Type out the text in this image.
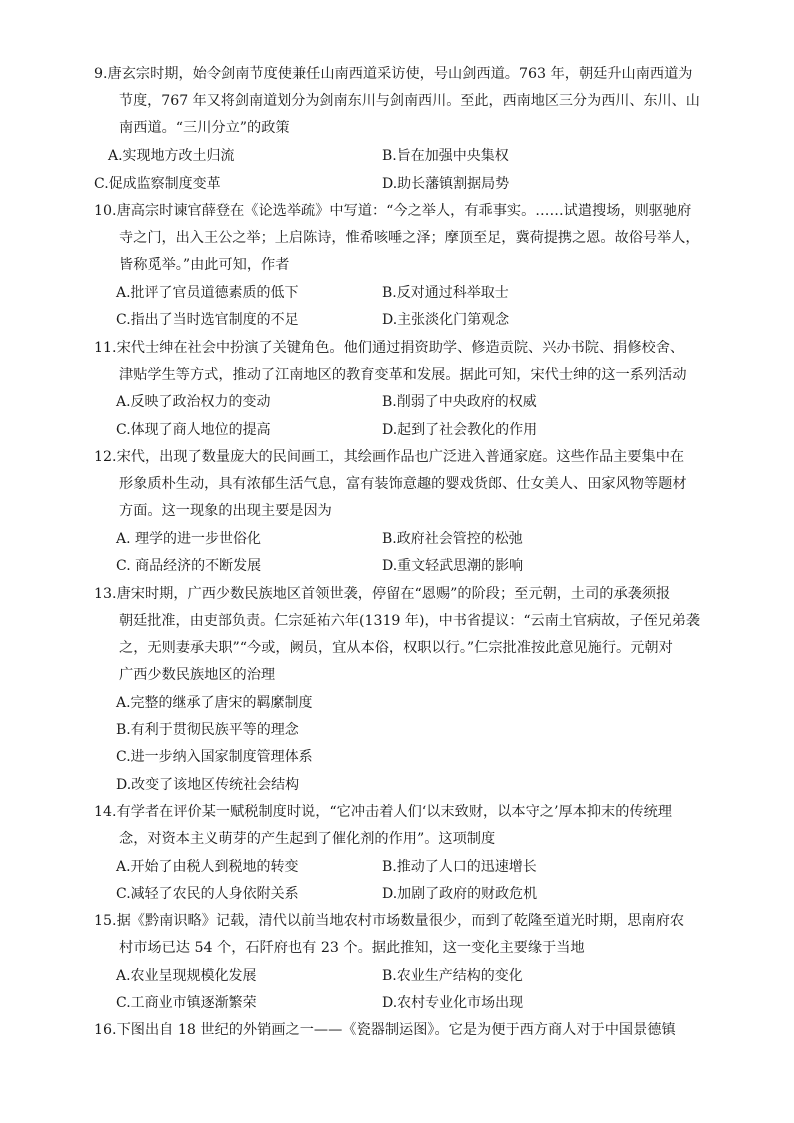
9.唐玄宗时期，始令剑南节度使兼任山南西道采访使，号山剑西道。763 年，朝廷升山南西道为
节度，767 年又将剑南道划分为剑南东川与剑南西川。至此，西南地区三分为西川、东川、山
南西道。“三川分立”的政策
A.实现地方改土归流	B.旨在加强中央集权
C.促成监察制度变革	D.助长藩镇割据局势
10.唐高宗时谏官薛登在《论选举疏》中写道：“今之举人，有乖事实。……试遣搜场，则驱驰府
寺之门，出入王公之举；上启陈诗，惟希咳唾之泽；摩顶至足，冀荷提携之恩。故俗号举人，
皆称觅举。”由此可知，作者
A.批评了官员道德素质的低下	B.反对通过科举取士
C.指出了当时选官制度的不足	D.主张淡化门第观念
11.宋代士绅在社会中扮演了关键角色。他们通过捐资助学、修造贡院、兴办书院、捐修校舍、
津贴学生等方式，推动了江南地区的教育变革和发展。据此可知，宋代士绅的这一系列活动
A.反映了政治权力的变动	B.削弱了中央政府的权威
C.体现了商人地位的提高	D.起到了社会教化的作用
12.宋代，出现了数量庞大的民间画工，其绘画作品也广泛进入普通家庭。这些作品主要集中在
形象质朴生动，具有浓郁生活气息，富有装饰意趣的婴戏货郎、仕女美人、田家风物等题材
方面。这一现象的出现主要是因为
A. 理学的进一步世俗化	B.政府社会管控的松弛
C. 商品经济的不断发展	D.重文轻武思潮的影响
13.唐宋时期，广西少数民族地区首领世袭，停留在“恩赐”的阶段；至元朝，土司的承袭须报
朝廷批准，由吏部负责。仁宗延祐六年(1319 年)，中书省提议：“云南土官病故，子侄兄弟袭
之，无则妻承夫职”“今或，阙员，宜从本俗，权职以行。”仁宗批准按此意见施行。元朝对
广西少数民族地区的治理
A.完整的继承了唐宋的羁縻制度
B.有利于贯彻民族平等的理念
C.进一步纳入国家制度管理体系
D.改变了该地区传统社会结构
14.有学者在评价某一赋税制度时说，“它冲击着人们‘以末致财，以本守之’厚本抑末的传统理
念，对资本主义萌芽的产生起到了催化剂的作用”。这项制度
A.开始了由税人到税地的转变	B.推动了人口的迅速增长
C.减轻了农民的人身依附关系	D.加剧了政府的财政危机
15.据《黔南识略》记载，清代以前当地农村市场数量很少，而到了乾隆至道光时期，思南府农
村市场已达 54 个，石阡府也有 23 个。据此推知，这一变化主要缘于当地
A.农业呈现规模化发展	B.农业生产结构的变化
C.工商业市镇逐渐繁荣	D.农村专业化市场出现
16.下图出自 18 世纪的外销画之一——《瓷器制运图》。它是为便于西方商人对于中国景德镇
